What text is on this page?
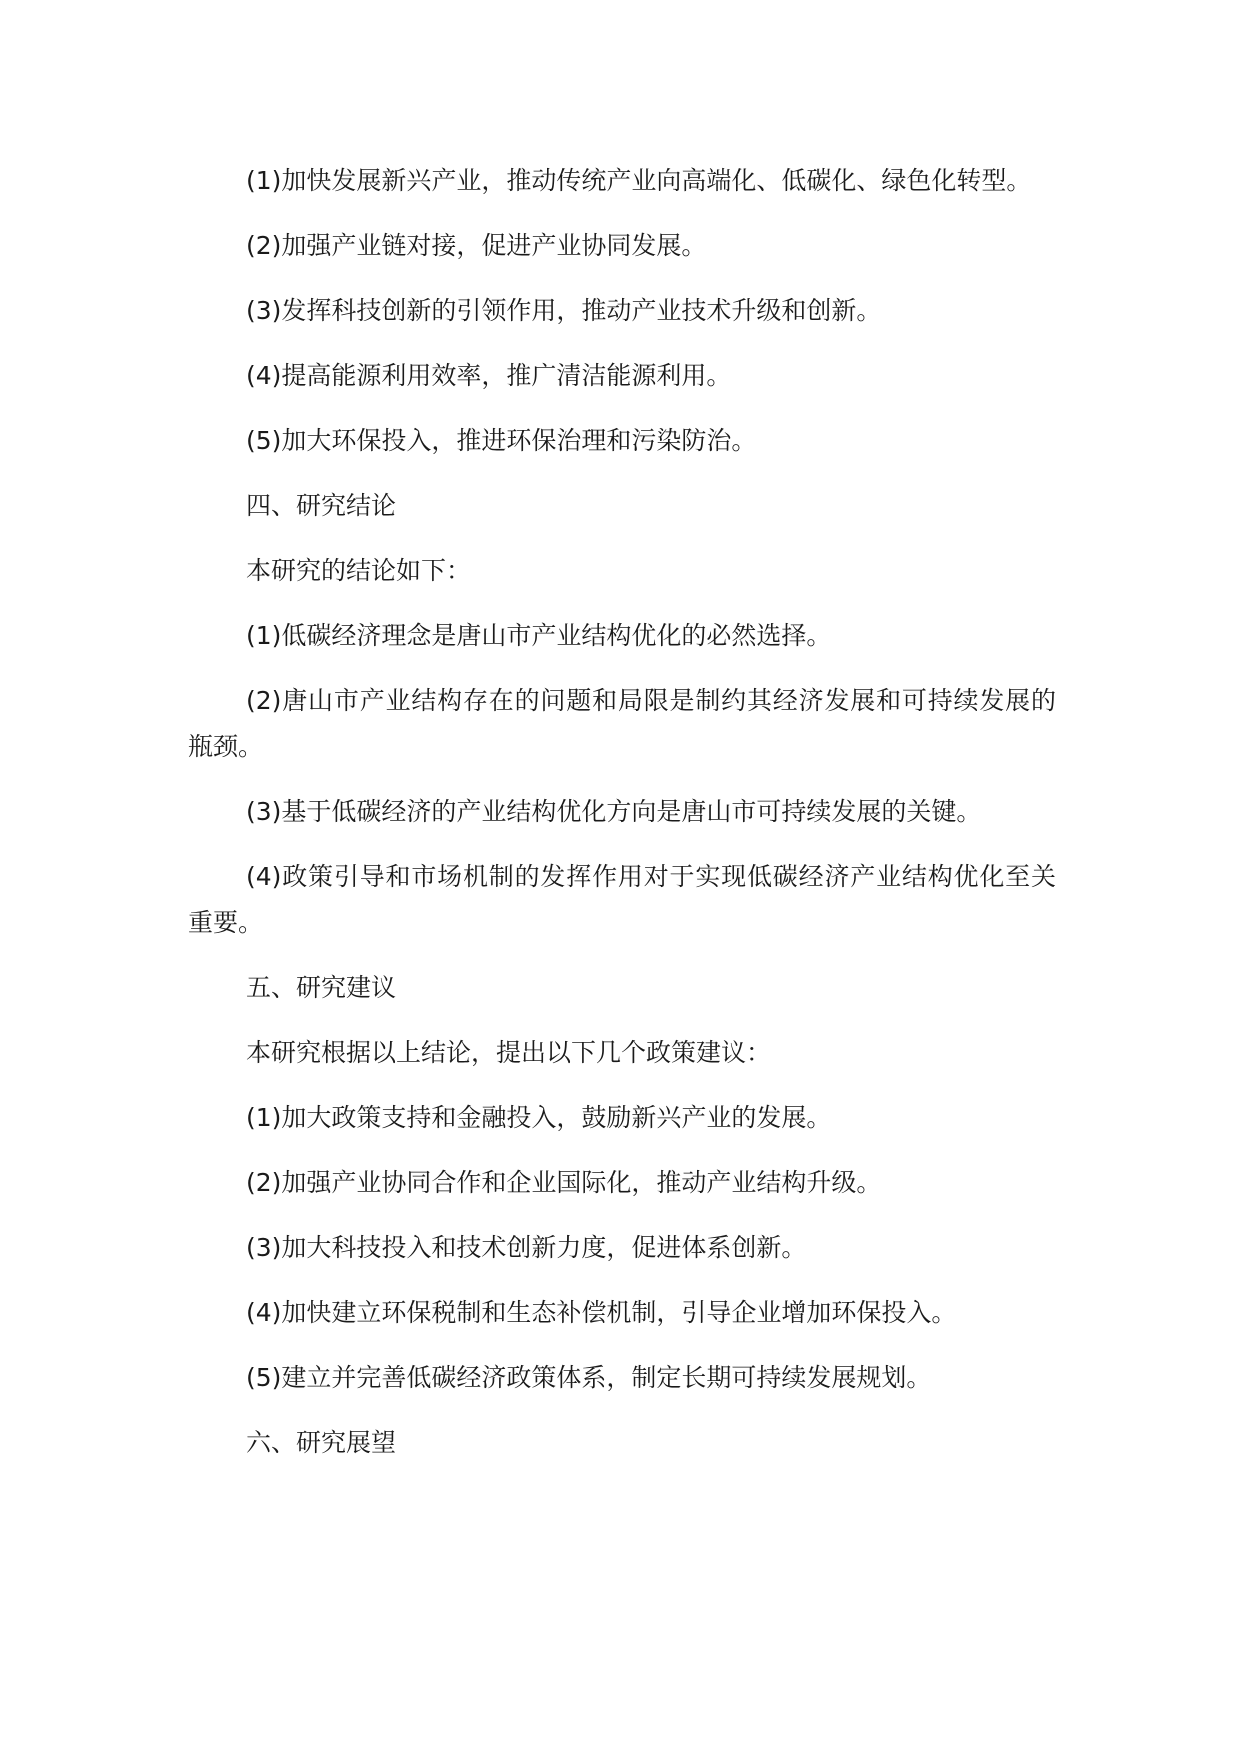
(1)加快发展新兴产业，推动传统产业向高端化、低碳化、绿色化转型。

(2)加强产业链对接，促进产业协同发展。

(3)发挥科技创新的引领作用，推动产业技术升级和创新。

(4)提高能源利用效率，推广清洁能源利用。

(5)加大环保投入，推进环保治理和污染防治。

四、研究结论

本研究的结论如下：

(1)低碳经济理念是唐山市产业结构优化的必然选择。

(2)唐山市产业结构存在的问题和局限是制约其经济发展和可持续发展的瓶颈。

(3)基于低碳经济的产业结构优化方向是唐山市可持续发展的关键。

(4)政策引导和市场机制的发挥作用对于实现低碳经济产业结构优化至关重要。

五、研究建议

本研究根据以上结论，提出以下几个政策建议：

(1)加大政策支持和金融投入，鼓励新兴产业的发展。

(2)加强产业协同合作和企业国际化，推动产业结构升级。

(3)加大科技投入和技术创新力度，促进体系创新。

(4)加快建立环保税制和生态补偿机制，引导企业增加环保投入。

(5)建立并完善低碳经济政策体系，制定长期可持续发展规划。

六、研究展望
